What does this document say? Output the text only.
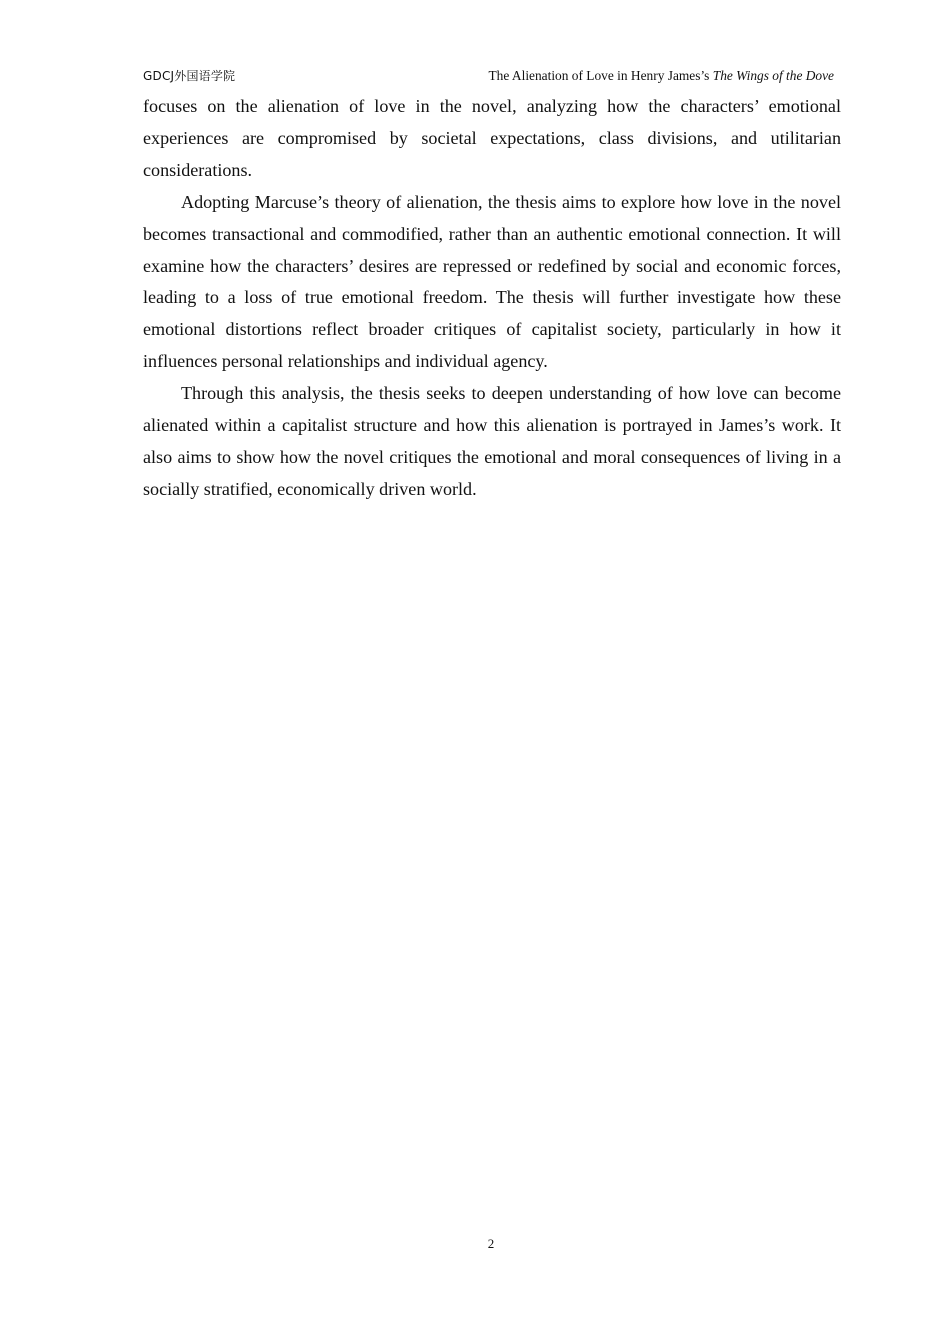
GDCJ外国语学院	The Alienation of Love in Henry James’s The Wings of the Dove

focuses on the alienation of love in the novel, analyzing how the characters’ emotional experiences are compromised by societal expectations, class divisions, and utilitarian considerations.

Adopting Marcuse’s theory of alienation, the thesis aims to explore how love in the novel becomes transactional and commodified, rather than an authentic emotional connection. It will examine how the characters’ desires are repressed or redefined by social and economic forces, leading to a loss of true emotional freedom. The thesis will further investigate how these emotional distortions reflect broader critiques of capitalist society, particularly in how it influences personal relationships and individual agency.

Through this analysis, the thesis seeks to deepen understanding of how love can become alienated within a capitalist structure and how this alienation is portrayed in James’s work. It also aims to show how the novel critiques the emotional and moral consequences of living in a socially stratified, economically driven world.

2
